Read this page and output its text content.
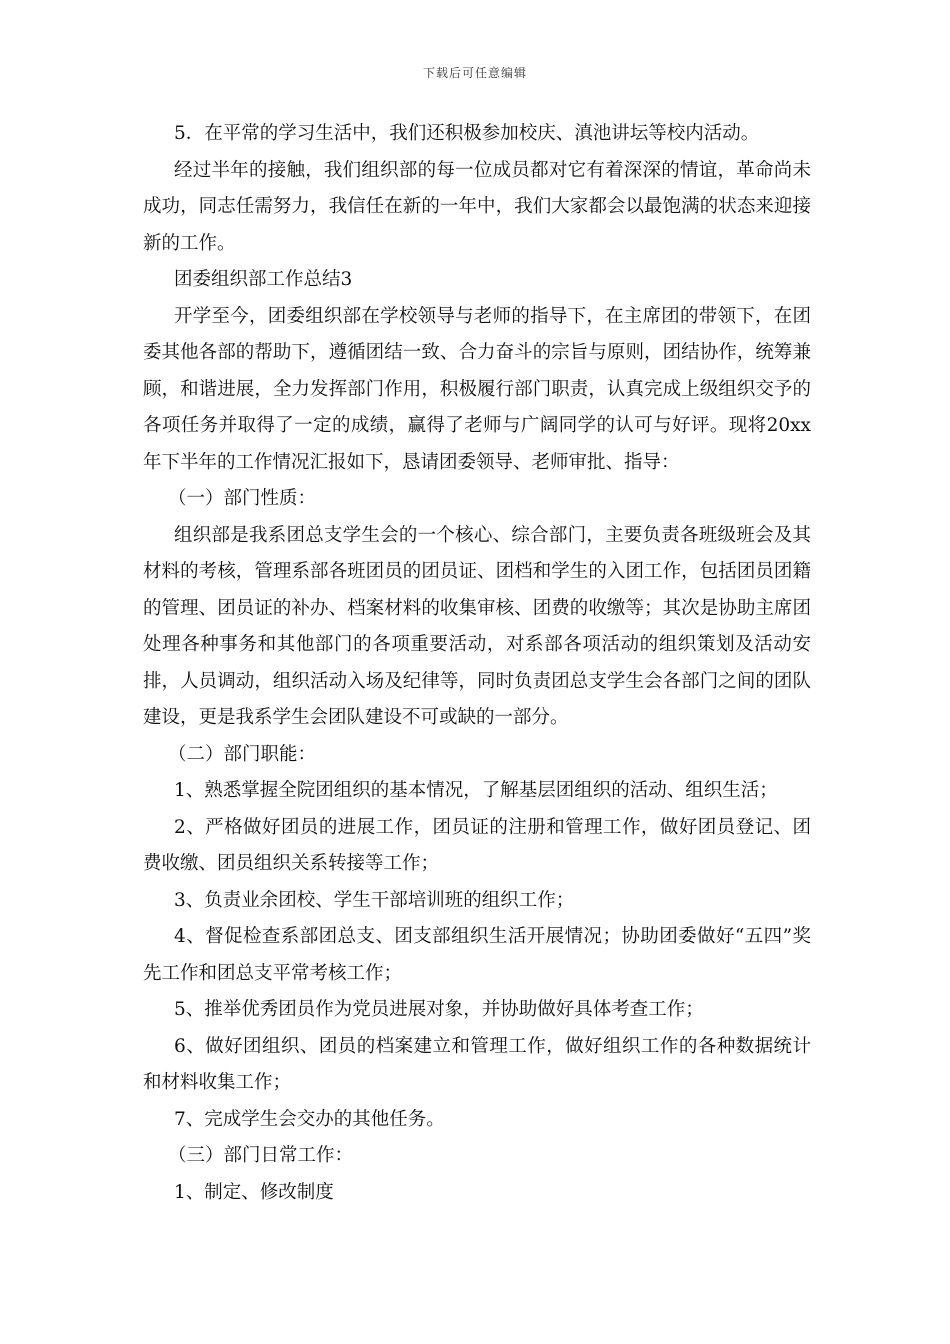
下载后可任意编辑

5．在平常的学习生活中，我们还积极参加校庆、滇池讲坛等校内活动。

经过半年的接触，我们组织部的每一位成员都对它有着深深的情谊，革命尚未成功，同志任需努力，我信任在新的一年中，我们大家都会以最饱满的状态来迎接新的工作。

团委组织部工作总结3

开学至今，团委组织部在学校领导与老师的指导下，在主席团的带领下，在团委其他各部的帮助下，遵循团结一致、合力奋斗的宗旨与原则，团结协作，统筹兼顾，和谐进展，全力发挥部门作用，积极履行部门职责，认真完成上级组织交予的各项任务并取得了一定的成绩，赢得了老师与广阔同学的认可与好评。现将20xx年下半年的工作情况汇报如下，恳请团委领导、老师审批、指导：

（一）部门性质：

组织部是我系团总支学生会的一个核心、综合部门，主要负责各班级班会及其材料的考核，管理系部各班团员的团员证、团档和学生的入团工作，包括团员团籍的管理、团员证的补办、档案材料的收集审核、团费的收缴等；其次是协助主席团处理各种事务和其他部门的各项重要活动，对系部各项活动的组织策划及活动安排，人员调动，组织活动入场及纪律等，同时负责团总支学生会各部门之间的团队建设，更是我系学生会团队建设不可或缺的一部分。

（二）部门职能：

1、熟悉掌握全院团组织的基本情况，了解基层团组织的活动、组织生活；

2、严格做好团员的进展工作，团员证的注册和管理工作，做好团员登记、团费收缴、团员组织关系转接等工作；

3、负责业余团校、学生干部培训班的组织工作；

4、督促检查系部团总支、团支部组织生活开展情况；协助团委做好“五四”奖先工作和团总支平常考核工作；

5、推举优秀团员作为党员进展对象，并协助做好具体考查工作；

6、做好团组织、团员的档案建立和管理工作，做好组织工作的各种数据统计和材料收集工作；

7、完成学生会交办的其他任务。

（三）部门日常工作：

1、制定、修改制度
